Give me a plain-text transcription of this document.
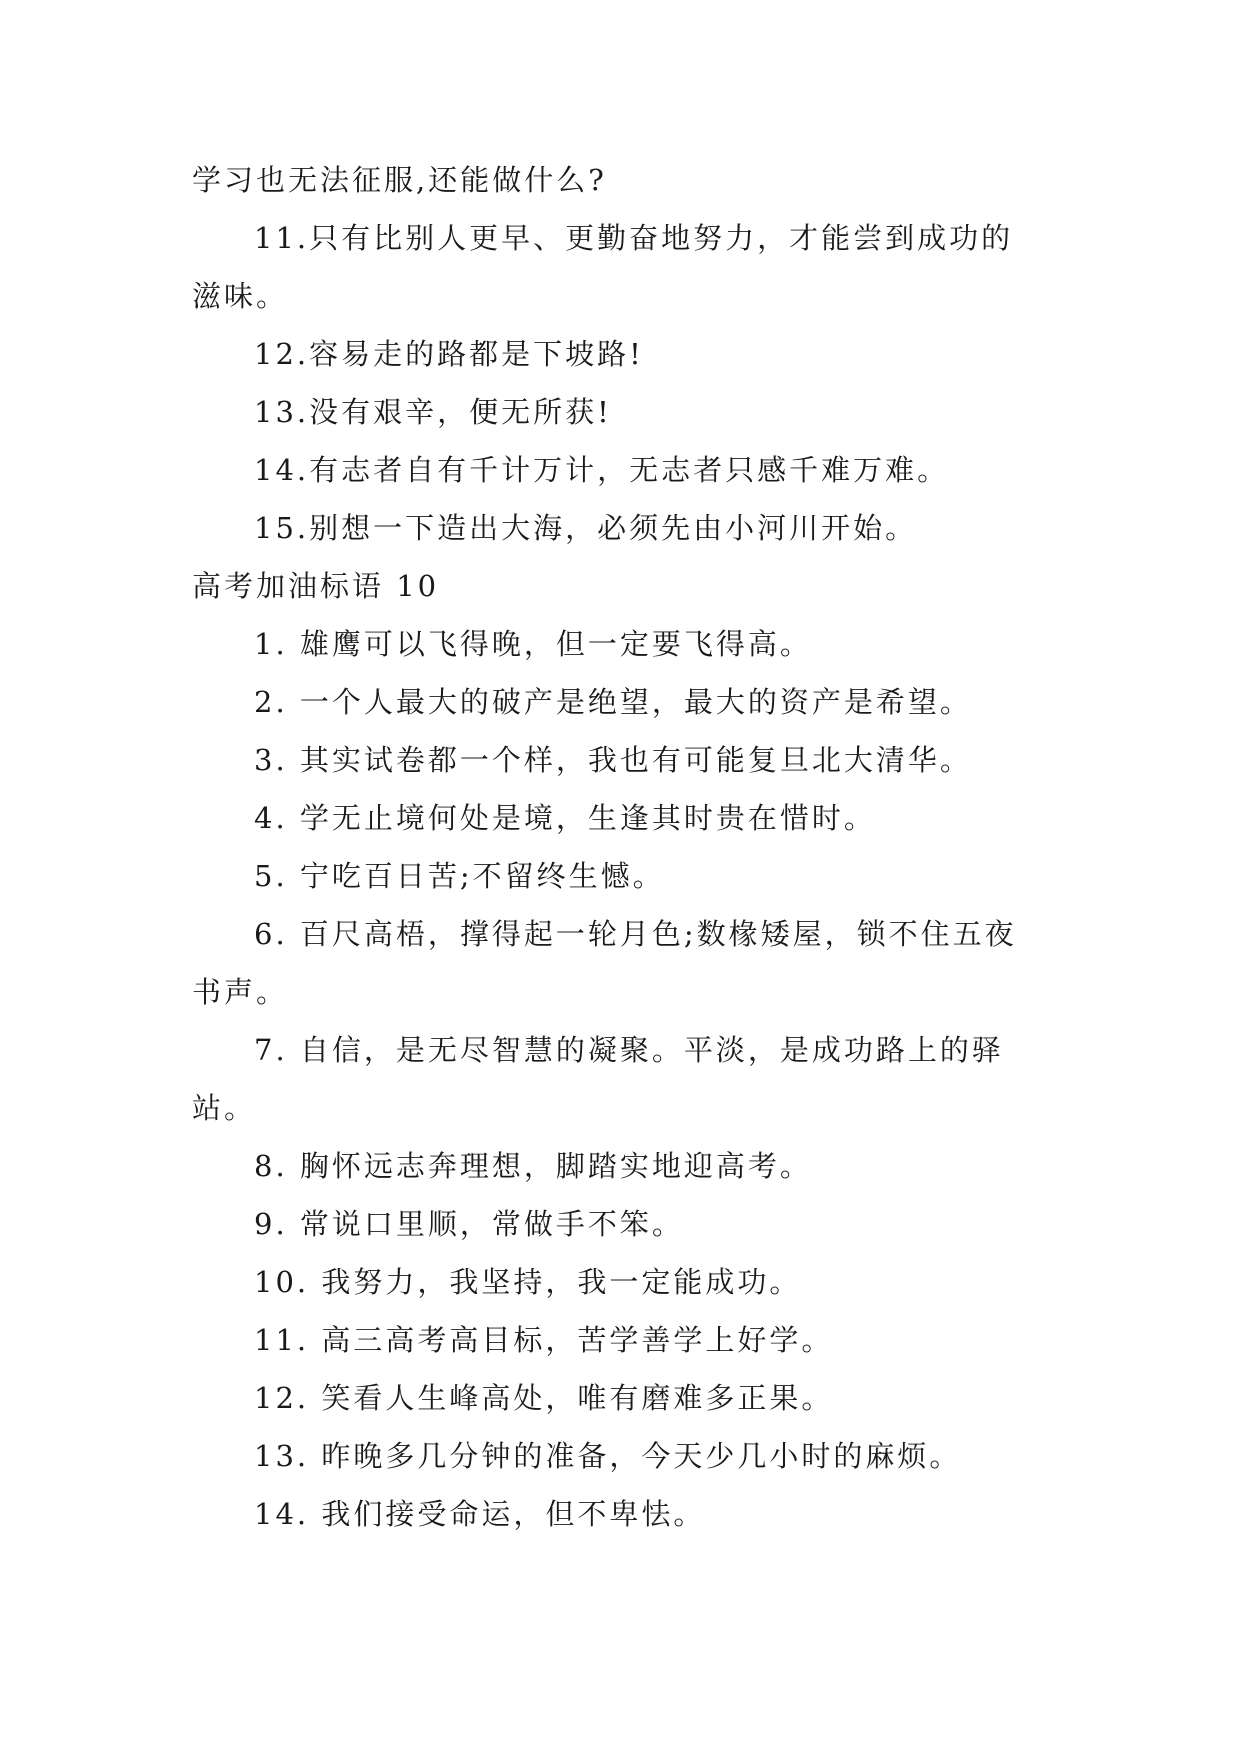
学习也无法征服,还能做什么?
11.只有比别人更早、更勤奋地努力，才能尝到成功的
滋味。
12.容易走的路都是下坡路!
13.没有艰辛，便无所获!
14.有志者自有千计万计，无志者只感千难万难。
15.别想一下造出大海，必须先由小河川开始。
高考加油标语 10
1. 雄鹰可以飞得晚，但一定要飞得高。
2. 一个人最大的破产是绝望，最大的资产是希望。
3. 其实试卷都一个样，我也有可能复旦北大清华。
4. 学无止境何处是境，生逢其时贵在惜时。
5. 宁吃百日苦;不留终生憾。
6. 百尺高梧，撑得起一轮月色;数椽矮屋，锁不住五夜
书声。
7. 自信，是无尽智慧的凝聚。平淡，是成功路上的驿
站。
8. 胸怀远志奔理想，脚踏实地迎高考。
9. 常说口里顺，常做手不笨。
10. 我努力，我坚持，我一定能成功。
11. 高三高考高目标，苦学善学上好学。
12. 笑看人生峰高处，唯有磨难多正果。
13. 昨晚多几分钟的准备，今天少几小时的麻烦。
14. 我们接受命运，但不卑怯。
